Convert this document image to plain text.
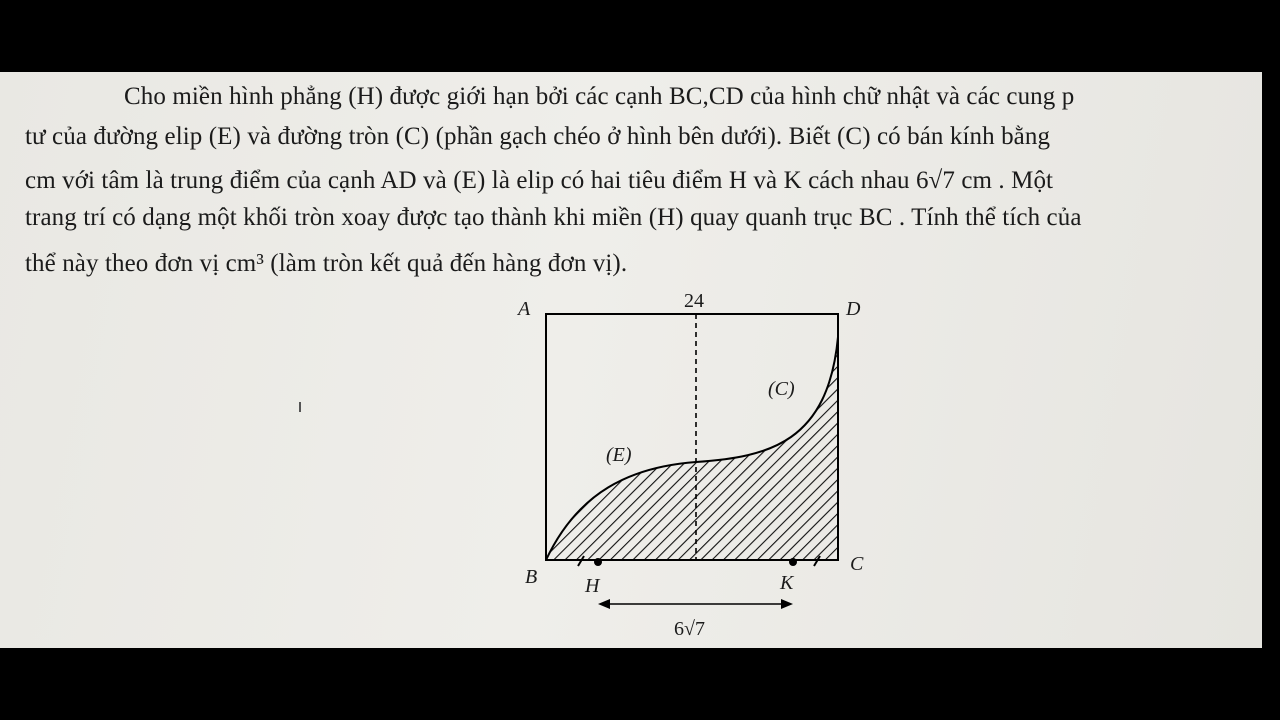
Cho miền hình phẳng (H) được giới hạn bởi các cạnh BC,CD của hình chữ nhật và các cung p
tư của đường elip (E) và đường tròn (C) (phần gạch chéo ở hình bên dưới). Biết (C) có bán kính bằng
cm với tâm là trung điểm của cạnh AD và (E) là elip có hai tiêu điểm H và K cách nhau 6√7 cm . Một
trang trí có dạng một khối tròn xoay được tạo thành khi miền (H) quay quanh trục BC . Tính thể tích của
thể này theo đơn vị cm³ (làm tròn kết quả đến hàng đơn vị).
A	D
B
C
H	K
24
6√7
(E)
(C)
